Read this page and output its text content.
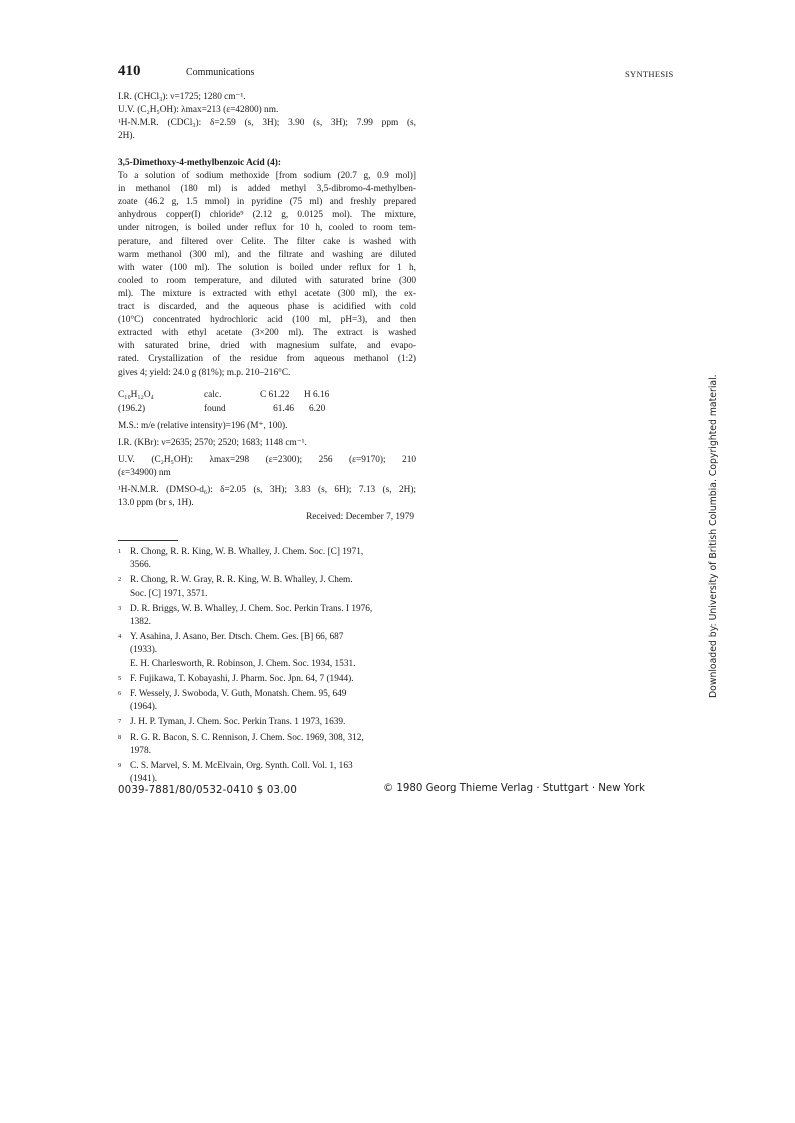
410	Communications	SYNTHESIS
I.R. (CHCl₃): ν=1725; 1280 cm⁻¹.
U.V. (C₂H₅OH): λmax=213 (ε=42800) nm.
¹H-N.M.R. (CDCl₃): δ=2.59 (s, 3H); 3.90 (s, 3H); 7.99 ppm (s,
2H).
3,5-Dimethoxy-4-methylbenzoic Acid (4):
To a solution of sodium methoxide [from sodium (20.7 g, 0.9 mol)]
in methanol (180 ml) is added methyl 3,5-dibromo-4-methylben-
zoate (46.2 g, 1.5 mmol) in pyridine (75 ml) and freshly prepared
anhydrous copper(I) chloride⁹ (2.12 g, 0.0125 mol). The mixture,
under nitrogen, is boiled under reflux for 10 h, cooled to room tem-
perature, and filtered over Celite. The filter cake is washed with
warm methanol (300 ml), and the filtrate and washing are diluted
with water (100 ml). The solution is boiled under reflux for 1 h,
cooled to room temperature, and diluted with saturated brine (300
ml). The mixture is extracted with ethyl acetate (300 ml), the ex-
tract is discarded, and the aqueous phase is acidified with cold
(10°C) concentrated hydrochloric acid (100 ml, pH=3), and then
extracted with ethyl acetate (3×200 ml). The extract is washed
with saturated brine, dried with magnesium sulfate, and evapo-
rated. Crystallization of the residue from aqueous methanol (1:2)
gives 4; yield: 24.0 g (81%); m.p. 210–216°C.
C₁₀H₁₂O₄	calc.	C 61.22	H 6.16
(196.2)	found	61.46	6.20
M.S.: m/e (relative intensity)=196 (M⁺, 100).
I.R. (KBr): ν=2635; 2570; 2520; 1683; 1148 cm⁻¹.
U.V. (C₂H₅OH): λmax=298 (ε=2300); 256 (ε=9170); 210
(ε=34900) nm
¹H-N.M.R. (DMSO-d₆): δ=2.05 (s, 3H); 3.83 (s, 6H); 7.13 (s, 2H);
13.0 ppm (br s, 1H).
Received: December 7, 1979
1 R. Chong, R. R. King, W. B. Whalley, J. Chem. Soc. [C] 1971,
3566.
2 R. Chong, R. W. Gray, R. R. King, W. B. Whalley, J. Chem.
Soc. [C] 1971, 3571.
3 D. R. Briggs, W. B. Whalley, J. Chem. Soc. Perkin Trans. I 1976,
1382.
4 Y. Asahina, J. Asano, Ber. Dtsch. Chem. Ges. [B] 66, 687
(1933).
E. H. Charlesworth, R. Robinson, J. Chem. Soc. 1934, 1531.
5 F. Fujikawa, T. Kobayashi, J. Pharm. Soc. Jpn. 64, 7 (1944).
6 F. Wessely, J. Swoboda, V. Guth, Monatsh. Chem. 95, 649
(1964).
7 J. H. P. Tyman, J. Chem. Soc. Perkin Trans. 1 1973, 1639.
8 R. G. R. Bacon, S. C. Rennison, J. Chem. Soc. 1969, 308, 312,
1978.
9 C. S. Marvel, S. M. McElvain, Org. Synth. Coll. Vol. 1, 163
(1941).
0039-7881/80/0532-0410 $ 03.00	© 1980 Georg Thieme Verlag · Stuttgart · New York
Downloaded by: University of British Columbia. Copyrighted material.
